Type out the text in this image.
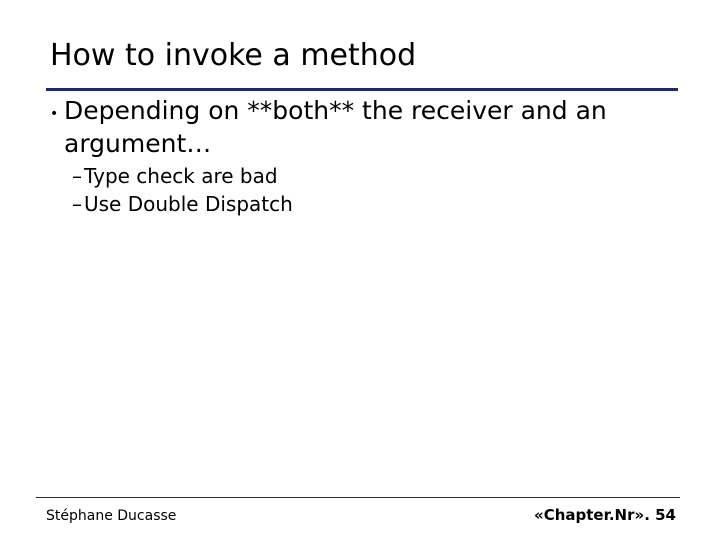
How to invoke a method
• Depending on **both** the receiver and an argument…
– Type check are bad
– Use Double Dispatch
Stéphane Ducasse	«Chapter.Nr». 54
